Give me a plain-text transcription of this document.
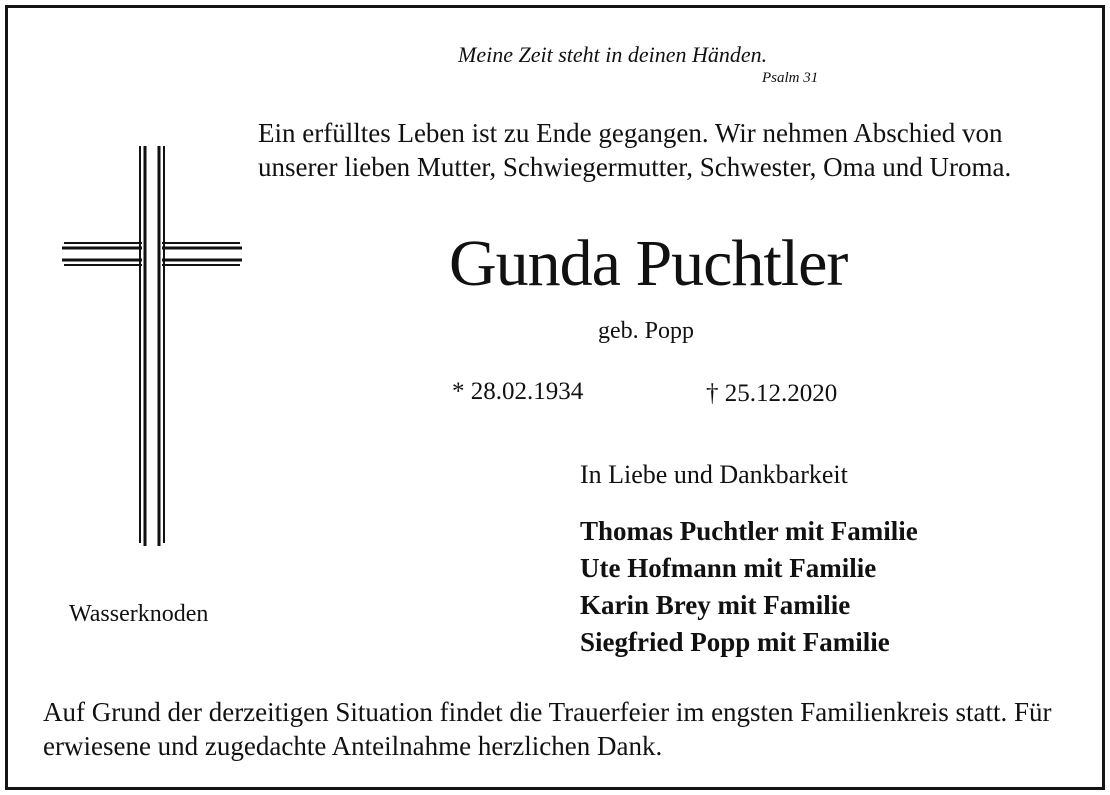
Meine Zeit steht in deinen Händen.
Psalm 31
Ein erfülltes Leben ist zu Ende gegangen. Wir nehmen Abschied von unserer lieben Mutter, Schwiegermutter, Schwester, Oma und Uroma.
Gunda Puchtler
geb. Popp
* 28.02.1934	† 25.12.2020
Wasserknoden
In Liebe und Dankbarkeit
Thomas Puchtler mit Familie
Ute Hofmann mit Familie
Karin Brey mit Familie
Siegfried Popp mit Familie
Auf Grund der derzeitigen Situation findet die Trauerfeier im engsten Familienkreis statt. Für erwiesene und zugedachte Anteilnahme herzlichen Dank.
